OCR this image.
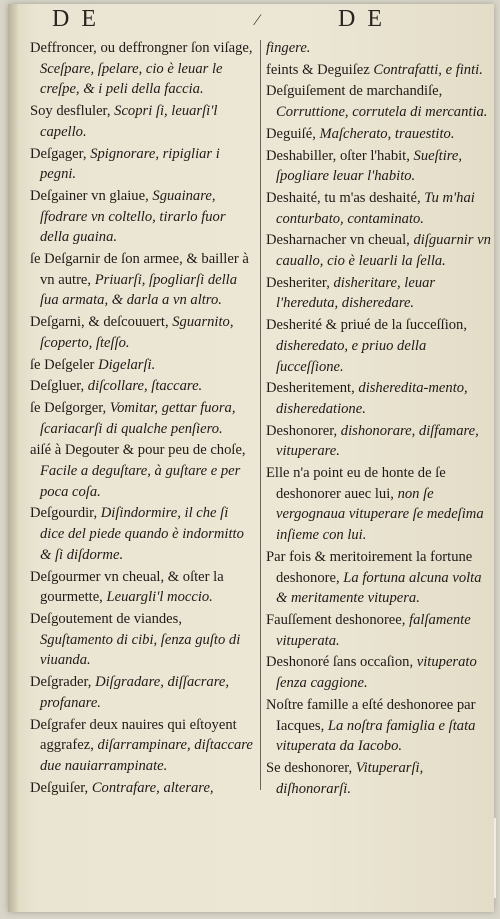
D E	⁄	D E
Deffroncer, ou deffrongner ſon viſage, Sceſpare, ſpelare, cio è leuar le creſpe, & i peli della faccia.
Soy desfluler, Scopri ſi, leuarſi'l capello.
Deſgager, Spignorare, ripigliar i pegni.
Deſgainer vn glaiue, Sguainare, ſfodrare vn coltello, tirarlo fuor della guaina.
ſe Deſgarnir de ſon armee, & bailler à vn autre, Priuarſi, ſpogliarſi della ſua armata, & darla a vn altro.
Deſgarni, & deſcouuert, Sguarnito, ſcoperto, ſteſſo.
ſe Deſgeler Digelarſi.
Deſgluer, diſcollare, ſtaccare.
ſe Deſgorger, Vomitar, gettar fuora, ſcariacarſi di qualche penſiero.
aiſé à Degouter & pour peu de choſe, Facile a deguſtare, à guſtare e per poca coſa.
Deſgourdir, Diſindormire, il che ſi dice del piede quando è indormitto & ſi diſdorme.
Deſgourmer vn cheual, & oſter la gourmette, Leuargli'l moccio.
Deſgoutement de viandes, Sguſtamento di cibi, ſenza guſto di viuanda.
Deſgrader, Diſgradare, diſſacrare, profanare.
Deſgrafer deux nauires qui eſtoyent aggrafez, diſarrampinare, diſtaccare due nauiarrampinate.
Deſguiſer, Contrafare, alterare,
fingere.
feints & Deguiſez Contrafatti, e finti.
Deſguiſement de marchandiſe, Corruttione, corrutela di mercantia.
Deguiſé, Maſcherato, trauestito.
Deshabiller, oſter l'habit, Sueſtire, ſpogliare leuar l'habito.
Deshaité, tu m'as deshaité, Tu m'hai conturbato, contaminato.
Desharnacher vn cheual, diſguarnir vn cauallo, cio è leuarli la ſella.
Desheriter, disheritare, leuar l'hereduta, disheredare.
Desherité & priué de la ſucceſſion, disheredato, e priuo della ſucceſſione.
Desheritement, disheredita-mento, disheredatione.
Deshonorer, dishonorare, diſfamare, vituperare.
Elle n'a point eu de honte de ſe deshonorer auec lui, non ſe vergognaua vituperare ſe medeſima inſieme con lui.
Par fois & meritoirement la fortune deshonore, La fortuna alcuna volta & meritamente vitupera.
Fauſſement deshonoree, falſamente vituperata.
Deshonoré ſans occaſion, vituperato ſenza caggione.
Noſtre famille a eſté deshonoree par Iacques, La noſtra famiglia e ſtata vituperata da Iacobo.
Se deshonorer, Vituperarſi, diſhonorarſi.
